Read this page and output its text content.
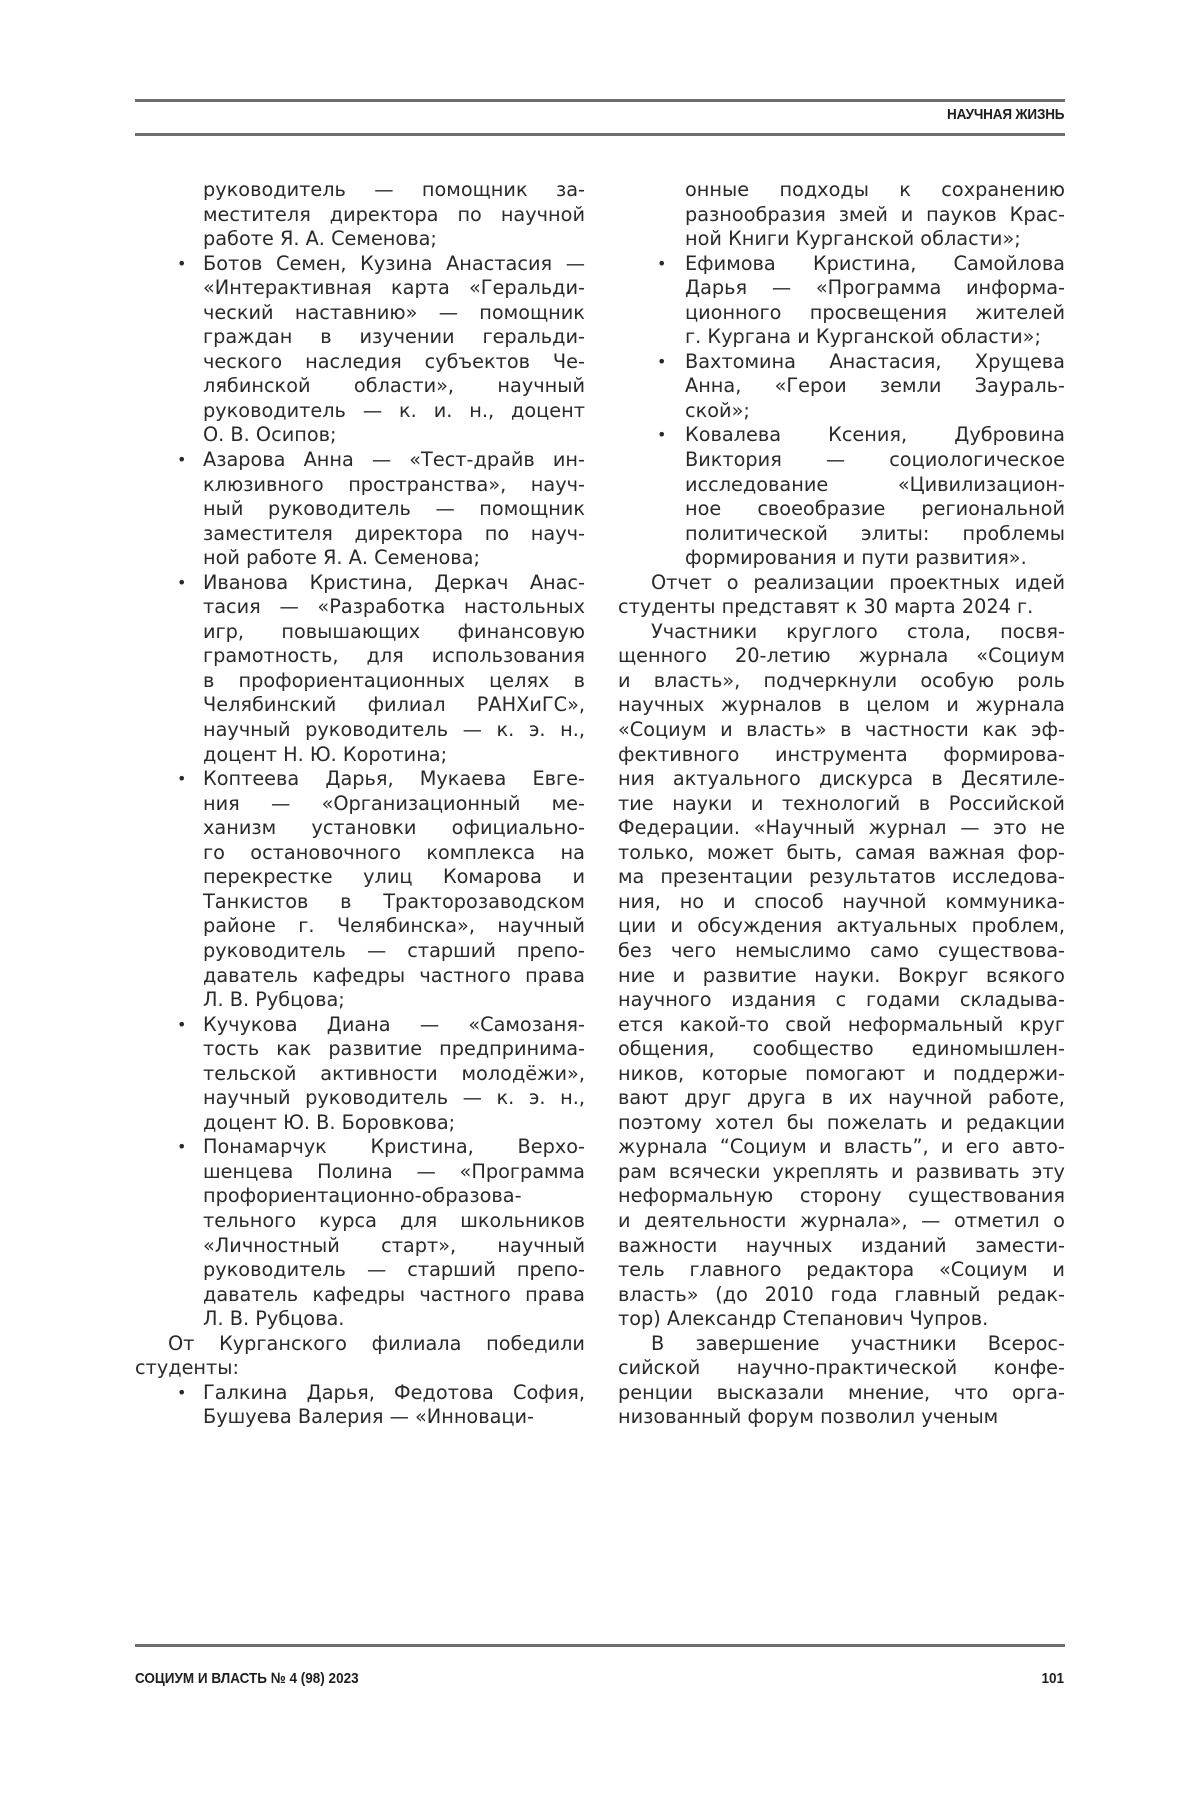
НАУЧНАЯ ЖИЗНЬ
руководитель — помощник за-
местителя директора по научной
работе Я. А. Семенова;
• Ботов Семен, Кузина Анастасия —
«Интерактивная карта «Геральди-
ческий наставнию» — помощник
граждан в изучении геральди-
ческого наследия субъектов Че-
лябинской области», научный
руководитель — к. и. н., доцент
О. В. Осипов;
• Азарова Анна — «Тест-драйв ин-
клюзивного пространства», науч-
ный руководитель — помощник
заместителя директора по науч-
ной работе Я. А. Семенова;
• Иванова Кристина, Деркач Анас-
тасия — «Разработка настольных
игр, повышающих финансовую
грамотность, для использования
в профориентационных целях в
Челябинский филиал РАНХиГС»,
научный руководитель — к. э. н.,
доцент Н. Ю. Коротина;
• Коптеева Дарья, Мукаева Евге-
ния — «Организационный ме-
ханизм установки официально-
го остановочного комплекса на
перекрестке улиц Комарова и
Танкистов в Тракторозаводском
районе г. Челябинска», научный
руководитель — старший препо-
даватель кафедры частного права
Л. В. Рубцова;
• Кучукова Диана — «Самозаня-
тость как развитие предпринима-
тельской активности молодёжи»,
научный руководитель — к. э. н.,
доцент Ю. В. Боровкова;
• Понамарчук Кристина, Верхо-
шенцева Полина — «Программа
профориентационно-образова-
тельного курса для школьников
«Личностный старт», научный
руководитель — старший препо-
даватель кафедры частного права
Л. В. Рубцова.
От Курганского филиала победили
студенты:
• Галкина Дарья, Федотова София,
Бушуева Валерия — «Инноваци-
онные подходы к сохранению
разнообразия змей и пауков Крас-
ной Книги Курганской области»;
• Ефимова Кристина, Самойлова
Дарья — «Программа информа-
ционного просвещения жителей
г. Кургана и Курганской области»;
• Вахтомина Анастасия, Хрущева
Анна, «Герои земли Заураль-
ской»;
• Ковалева Ксения, Дубровина
Виктория — социологическое
исследование	«Цивилизацион-
ное своеобразие региональной
политической элиты: проблемы
формирования и пути развития».
Отчет о реализации проектных идей
студенты представят к 30 марта 2024 г.
Участники круглого стола, посвя-
щенного 20-летию журнала «Социум
и власть», подчеркнули особую роль
научных журналов в целом и журнала
«Социум и власть» в частности как эф-
фективного инструмента формирова-
ния актуального дискурса в Десятиле-
тие науки и технологий в Российской
Федерации. «Научный журнал — это не
только, может быть, самая важная фор-
ма презентации результатов исследова-
ния, но и способ научной коммуника-
ции и обсуждения актуальных проблем,
без чего немыслимо само существова-
ние и развитие науки. Вокруг всякого
научного издания с годами складыва-
ется какой-то свой неформальный круг
общения, сообщество единомышлен-
ников, которые помогают и поддержи-
вают друг друга в их научной работе,
поэтому хотел бы пожелать и редакции
журнала “Социум и власть”, и его авто-
рам всячески укреплять и развивать эту
неформальную сторону существования
и деятельности журнала», — отметил о
важности научных изданий замести-
тель главного редактора «Социум и
власть» (до 2010 года главный редак-
тор) Александр Степанович Чупров.
В завершение участники Всерос-
сийской научно-практической конфе-
ренции высказали мнение, что орга-
низованный форум позволил ученым
СОЦИУМ И ВЛАСТЬ № 4 (98) 2023	101
